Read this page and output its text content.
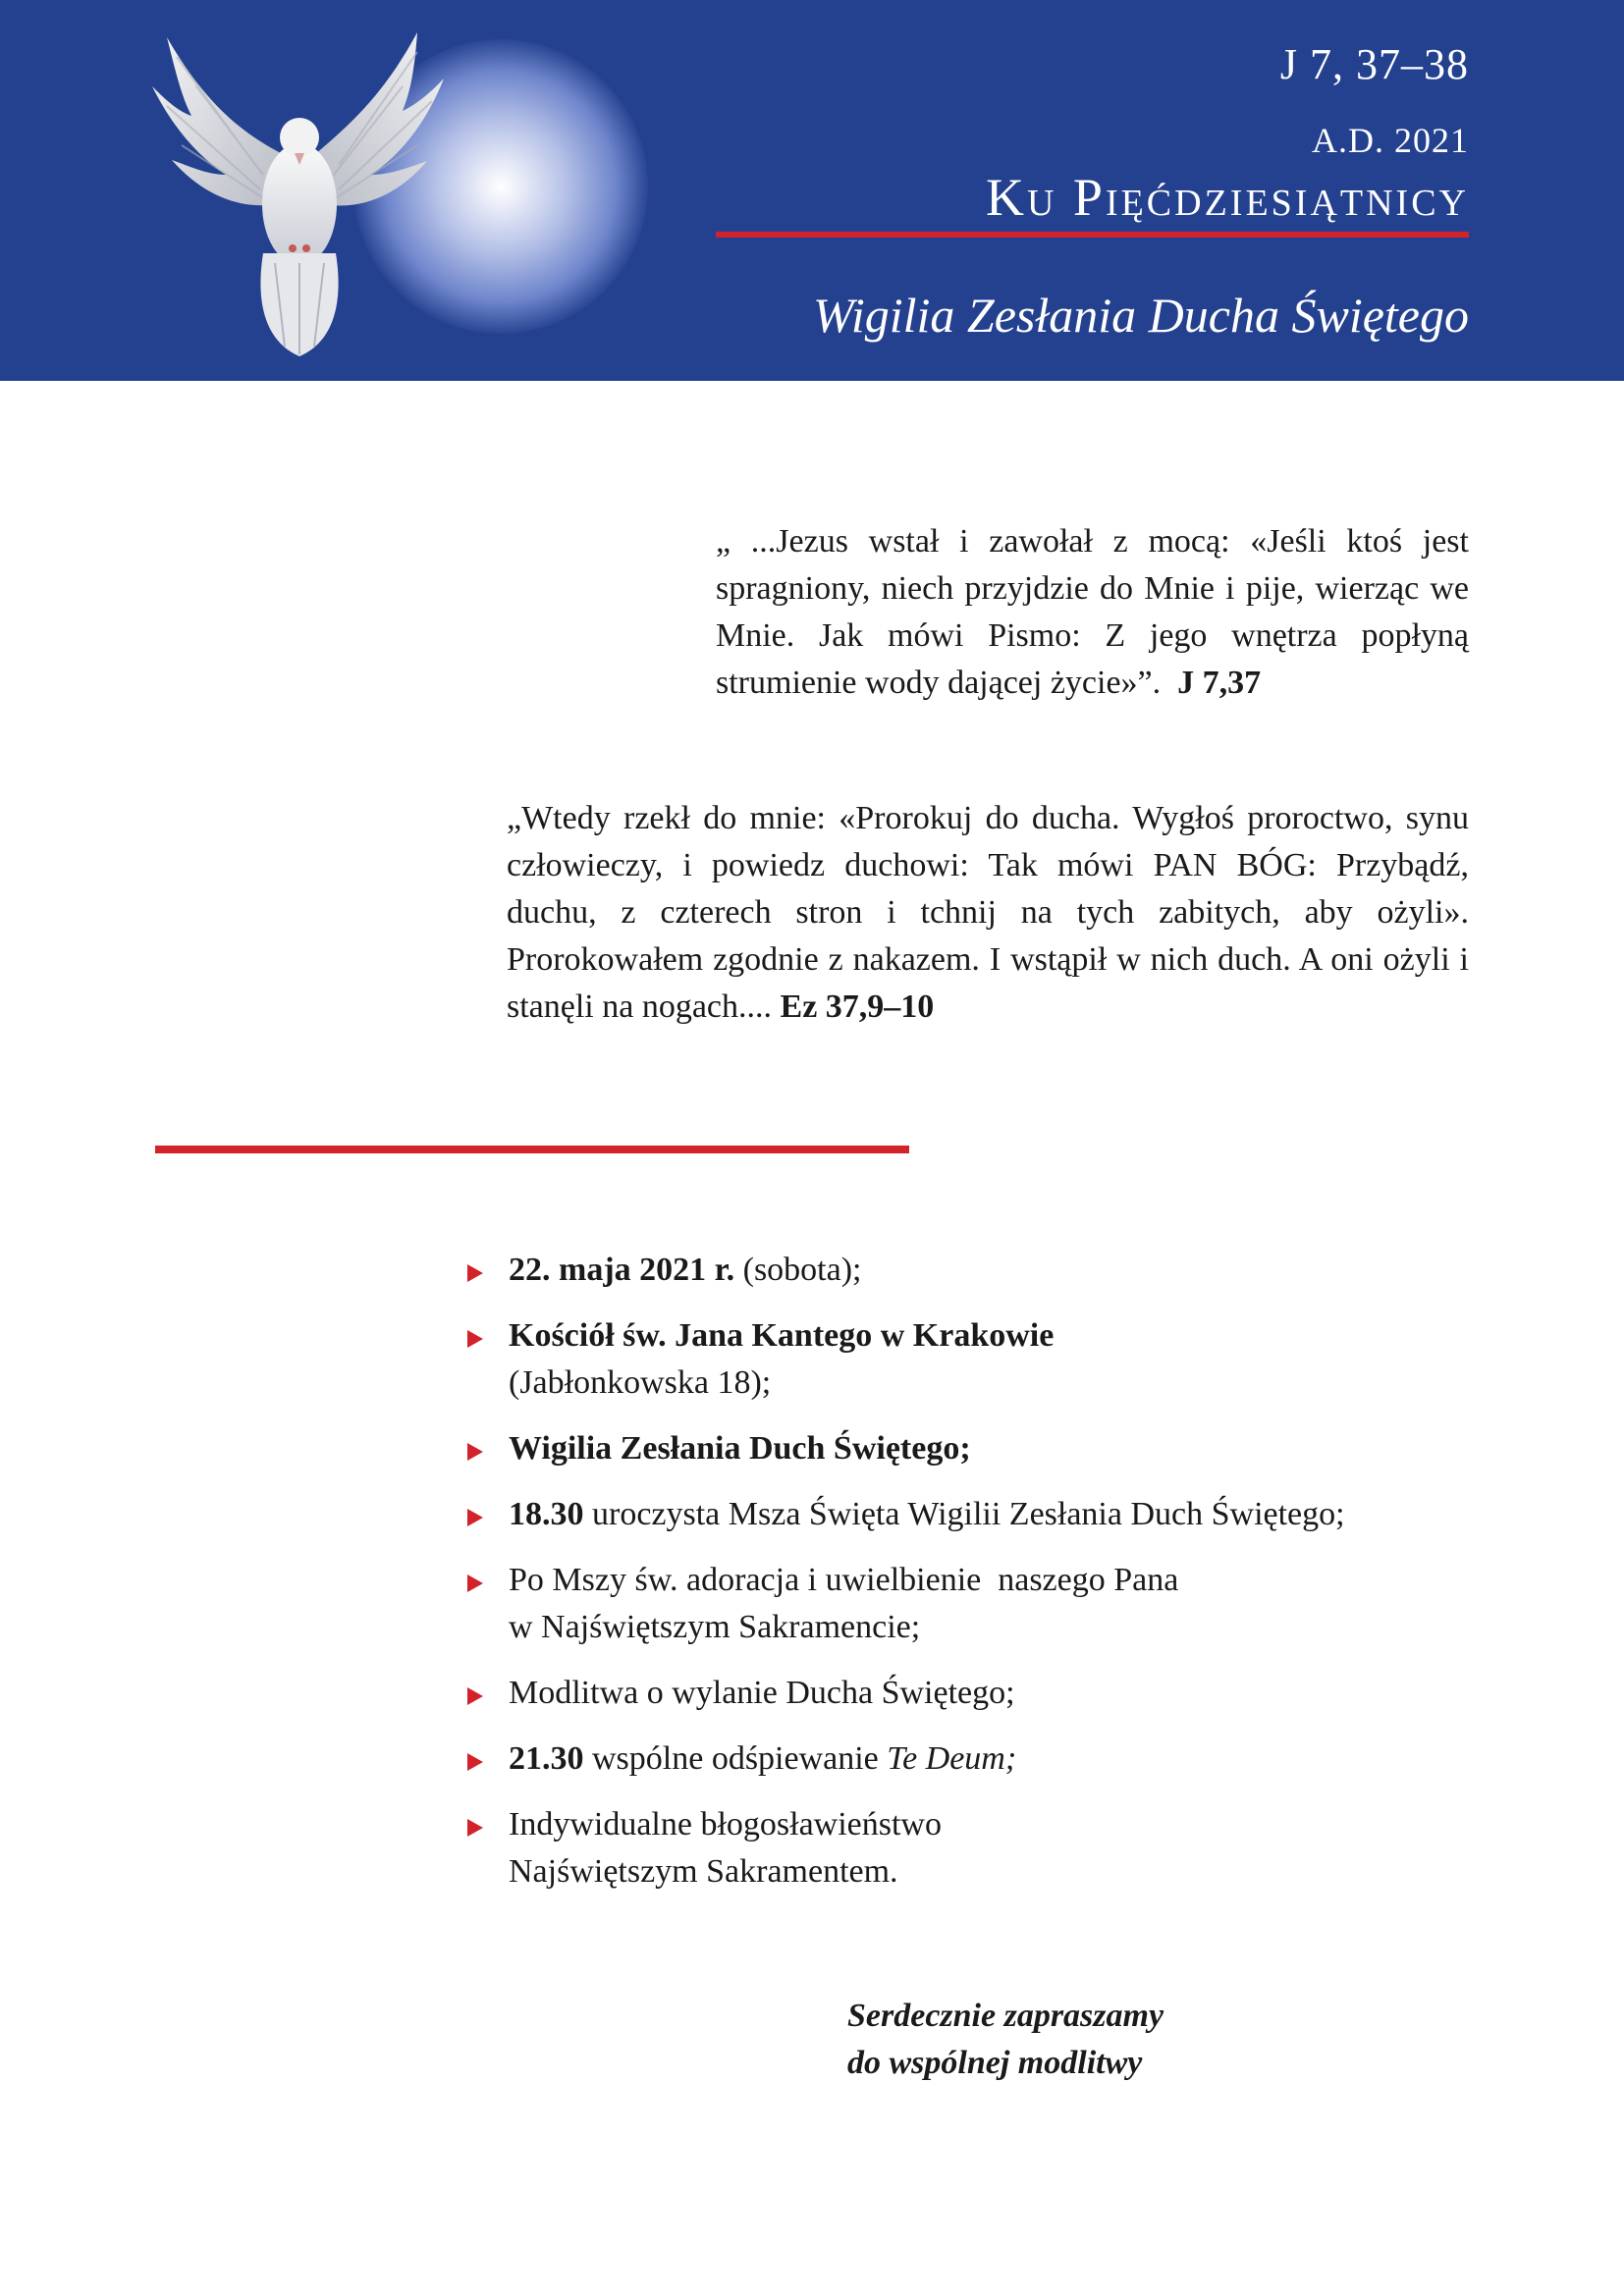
J 7, 37–38
A.D. 2021
Ku Pięćdziesiątnicy
Wigilia Zesłania Ducha Świętego

„ ...Jezus wstał i zawołał z mocą: «Jeśli ktoś jest spragniony, niech przyjdzie do Mnie i pije, wierząc we Mnie. Jak mówi Pismo: Z jego wnętrza popłyną strumienie wody dającej życie»”. J 7,37

„Wtedy rzekł do mnie: «Prorokuj do ducha. Wygłoś proroctwo, synu człowieczy, i powiedz duchowi: Tak mówi PAN BÓG: Przybądź, duchu, z czterech stron i tchnij na tych zabitych, aby ożyli». Prorokowałem zgodnie z nakazem. I wstąpił w nich duch. A oni ożyli i stanęli na nogach.... Ez 37,9–10

22. maja 2021 r. (sobota);
Kościół św. Jana Kantego w Krakowie
(Jabłonkowska 18);
Wigilia Zesłania Duch Świętego;
18.30 uroczysta Msza Święta Wigilii Zesłania Duch Świętego;
Po Mszy św. adoracja i uwielbienie  naszego Pana
w Najświętszym Sakramencie;
Modlitwa o wylanie Ducha Świętego;
21.30 wspólne odśpiewanie Te Deum;
Indywidualne błogosławieństwo
Najświętszym Sakramentem.
Serdecznie zapraszamy
do wspólnej modlitwy
